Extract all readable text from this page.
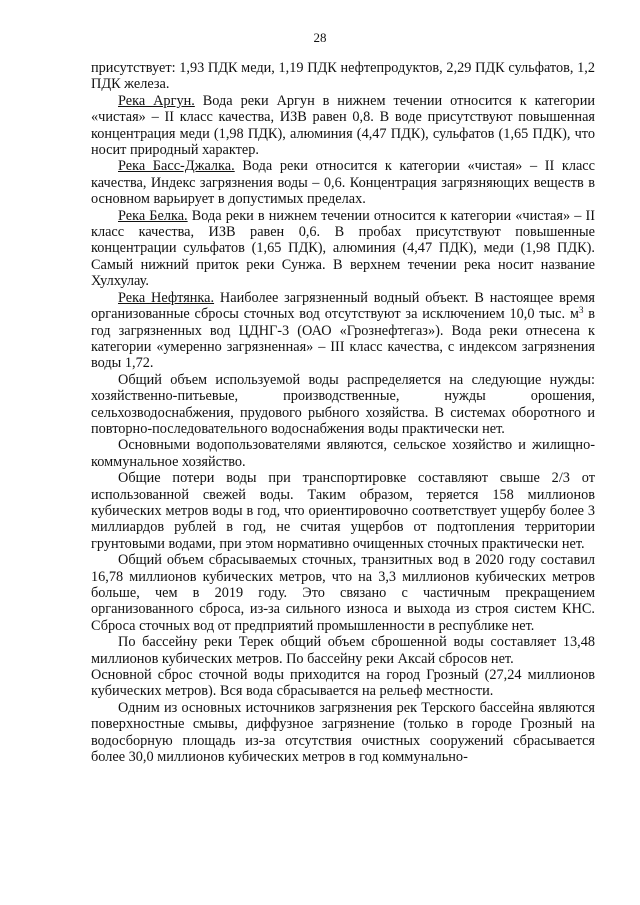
28

присутствует: 1,93 ПДК меди, 1,19 ПДК нефтепродуктов, 2,29 ПДК сульфатов, 1,2 ПДК железа.

Река Аргун. Вода реки Аргун в нижнем течении относится к категории «чистая» – II класс качества, ИЗВ равен 0,8. В воде присутствуют повышенная концентрация меди (1,98 ПДК), алюминия (4,47 ПДК), сульфатов (1,65 ПДК), что носит природный характер.

Река Басс-Джалка. Вода реки относится к категории «чистая» – II класс качества, Индекс загрязнения воды – 0,6. Концентрация загрязняющих веществ в основном варьирует в допустимых пределах.

Река Белка. Вода реки в нижнем течении относится к категории «чистая» – II класс качества, ИЗВ равен 0,6. В пробах присутствуют повышенные концентрации сульфатов (1,65 ПДК), алюминия (4,47 ПДК), меди (1,98 ПДК). Самый нижний приток реки Сунжа. В верхнем течении река носит название Хулхулау.

Река Нефтянка. Наиболее загрязненный водный объект. В настоящее время организованные сбросы сточных вод отсутствуют за исключением 10,0 тыс. $м^3$ в год загрязненных вод ЦДНГ-3 (ОАО «Грознефтегаз»). Вода реки отнесена к категории «умеренно загрязненная» – III класс качества, с индексом загрязнения воды 1,72.

Общий объем используемой воды распределяется на следующие нужды: хозяйственно-питьевые, производственные, нужды орошения, сельхозводоснабжения, прудового рыбного хозяйства. В системах оборотного и повторно-последовательного водоснабжения воды практически нет.

Основными водопользователями являются, сельское хозяйство и жилищно-коммунальное хозяйство.

Общие потери воды при транспортировке составляют свыше 2/3 от использованной свежей воды. Таким образом, теряется 158 миллионов кубических метров воды в год, что ориентировочно соответствует ущербу более 3 миллиардов рублей в год, не считая ущербов от подтопления территории грунтовыми водами, при этом нормативно очищенных сточных практически нет.

Общий объем сбрасываемых сточных, транзитных вод в 2020 году составил 16,78 миллионов кубических метров, что на 3,3 миллионов кубических метров больше, чем в 2019 году. Это связано с частичным прекращением организованного сброса, из-за сильного износа и выхода из строя систем КНС. Сброса сточных вод от предприятий промышленности в республике нет.

По бассейну реки Терек общий объем сброшенной воды составляет 13,48 миллионов кубических метров. По бассейну реки Аксай сбросов нет.

Основной сброс сточной воды приходится на город Грозный (27,24 миллионов кубических метров). Вся вода сбрасывается на рельеф местности.

Одним из основных источников загрязнения рек Терского бассейна являются поверхностные смывы, диффузное загрязнение (только в городе Грозный на водосборную площадь из-за отсутствия очистных сооружений сбрасывается более 30,0 миллионов кубических метров в год коммунально-
